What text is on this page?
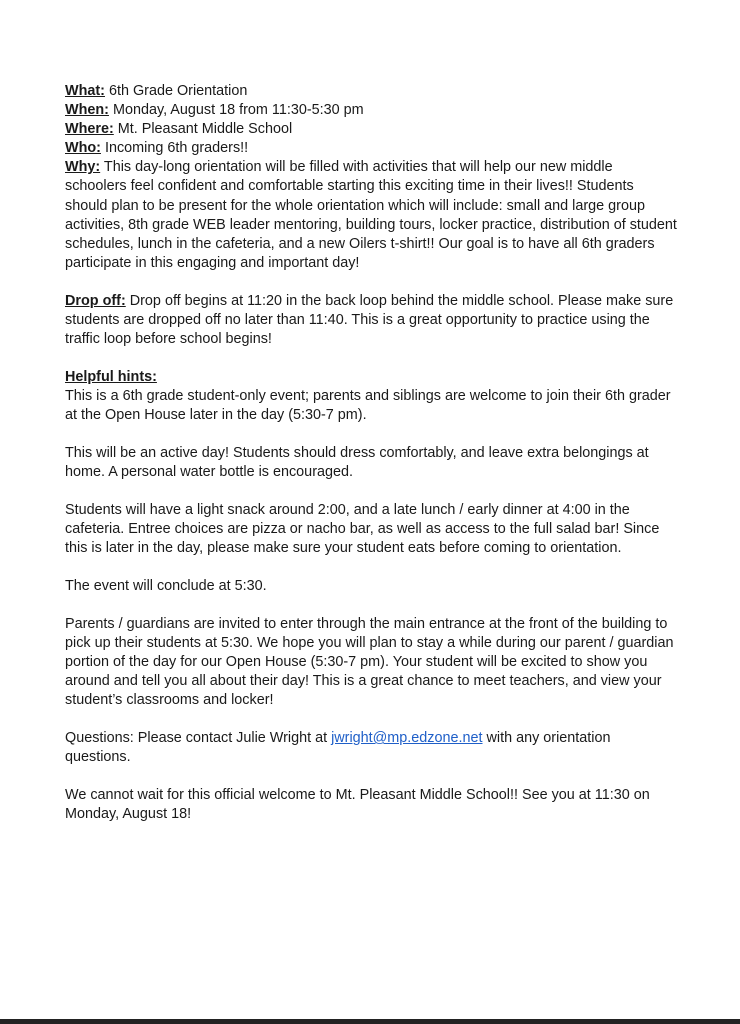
What: 6th Grade Orientation
When: Monday, August 18 from 11:30-5:30 pm
Where: Mt. Pleasant Middle School
Who: Incoming 6th graders!!
Why: This day-long orientation will be filled with activities that will help our new middle
schoolers feel confident and comfortable starting this exciting time in their lives!! Students
should plan to be present for the whole orientation which will include: small and large group
activities, 8th grade WEB leader mentoring, building tours, locker practice, distribution of student
schedules, lunch in the cafeteria, and a new Oilers t-shirt!! Our goal is to have all 6th graders
participate in this engaging and important day!
Drop off: Drop off begins at 11:20 in the back loop behind the middle school. Please make sure
students are dropped off no later than 11:40. This is a great opportunity to practice using the
traffic loop before school begins!
Helpful hints:
This is a 6th grade student-only event; parents and siblings are welcome to join their 6th grader
at the Open House later in the day (5:30-7 pm).
This will be an active day! Students should dress comfortably, and leave extra belongings at
home. A personal water bottle is encouraged.
Students will have a light snack around 2:00, and a late lunch / early dinner at 4:00 in the
cafeteria. Entree choices are pizza or nacho bar, as well as access to the full salad bar! Since
this is later in the day, please make sure your student eats before coming to orientation.
The event will conclude at 5:30.
Parents / guardians are invited to enter through the main entrance at the front of the building to
pick up their students at 5:30. We hope you will plan to stay a while during our parent / guardian
portion of the day for our Open House (5:30-7 pm). Your student will be excited to show you
around and tell you all about their day! This is a great chance to meet teachers, and view your
student’s classrooms and locker!
Questions: Please contact Julie Wright at jwright@mp.edzone.net with any orientation
questions.
We cannot wait for this official welcome to Mt. Pleasant Middle School!! See you at 11:30 on
Monday, August 18!
